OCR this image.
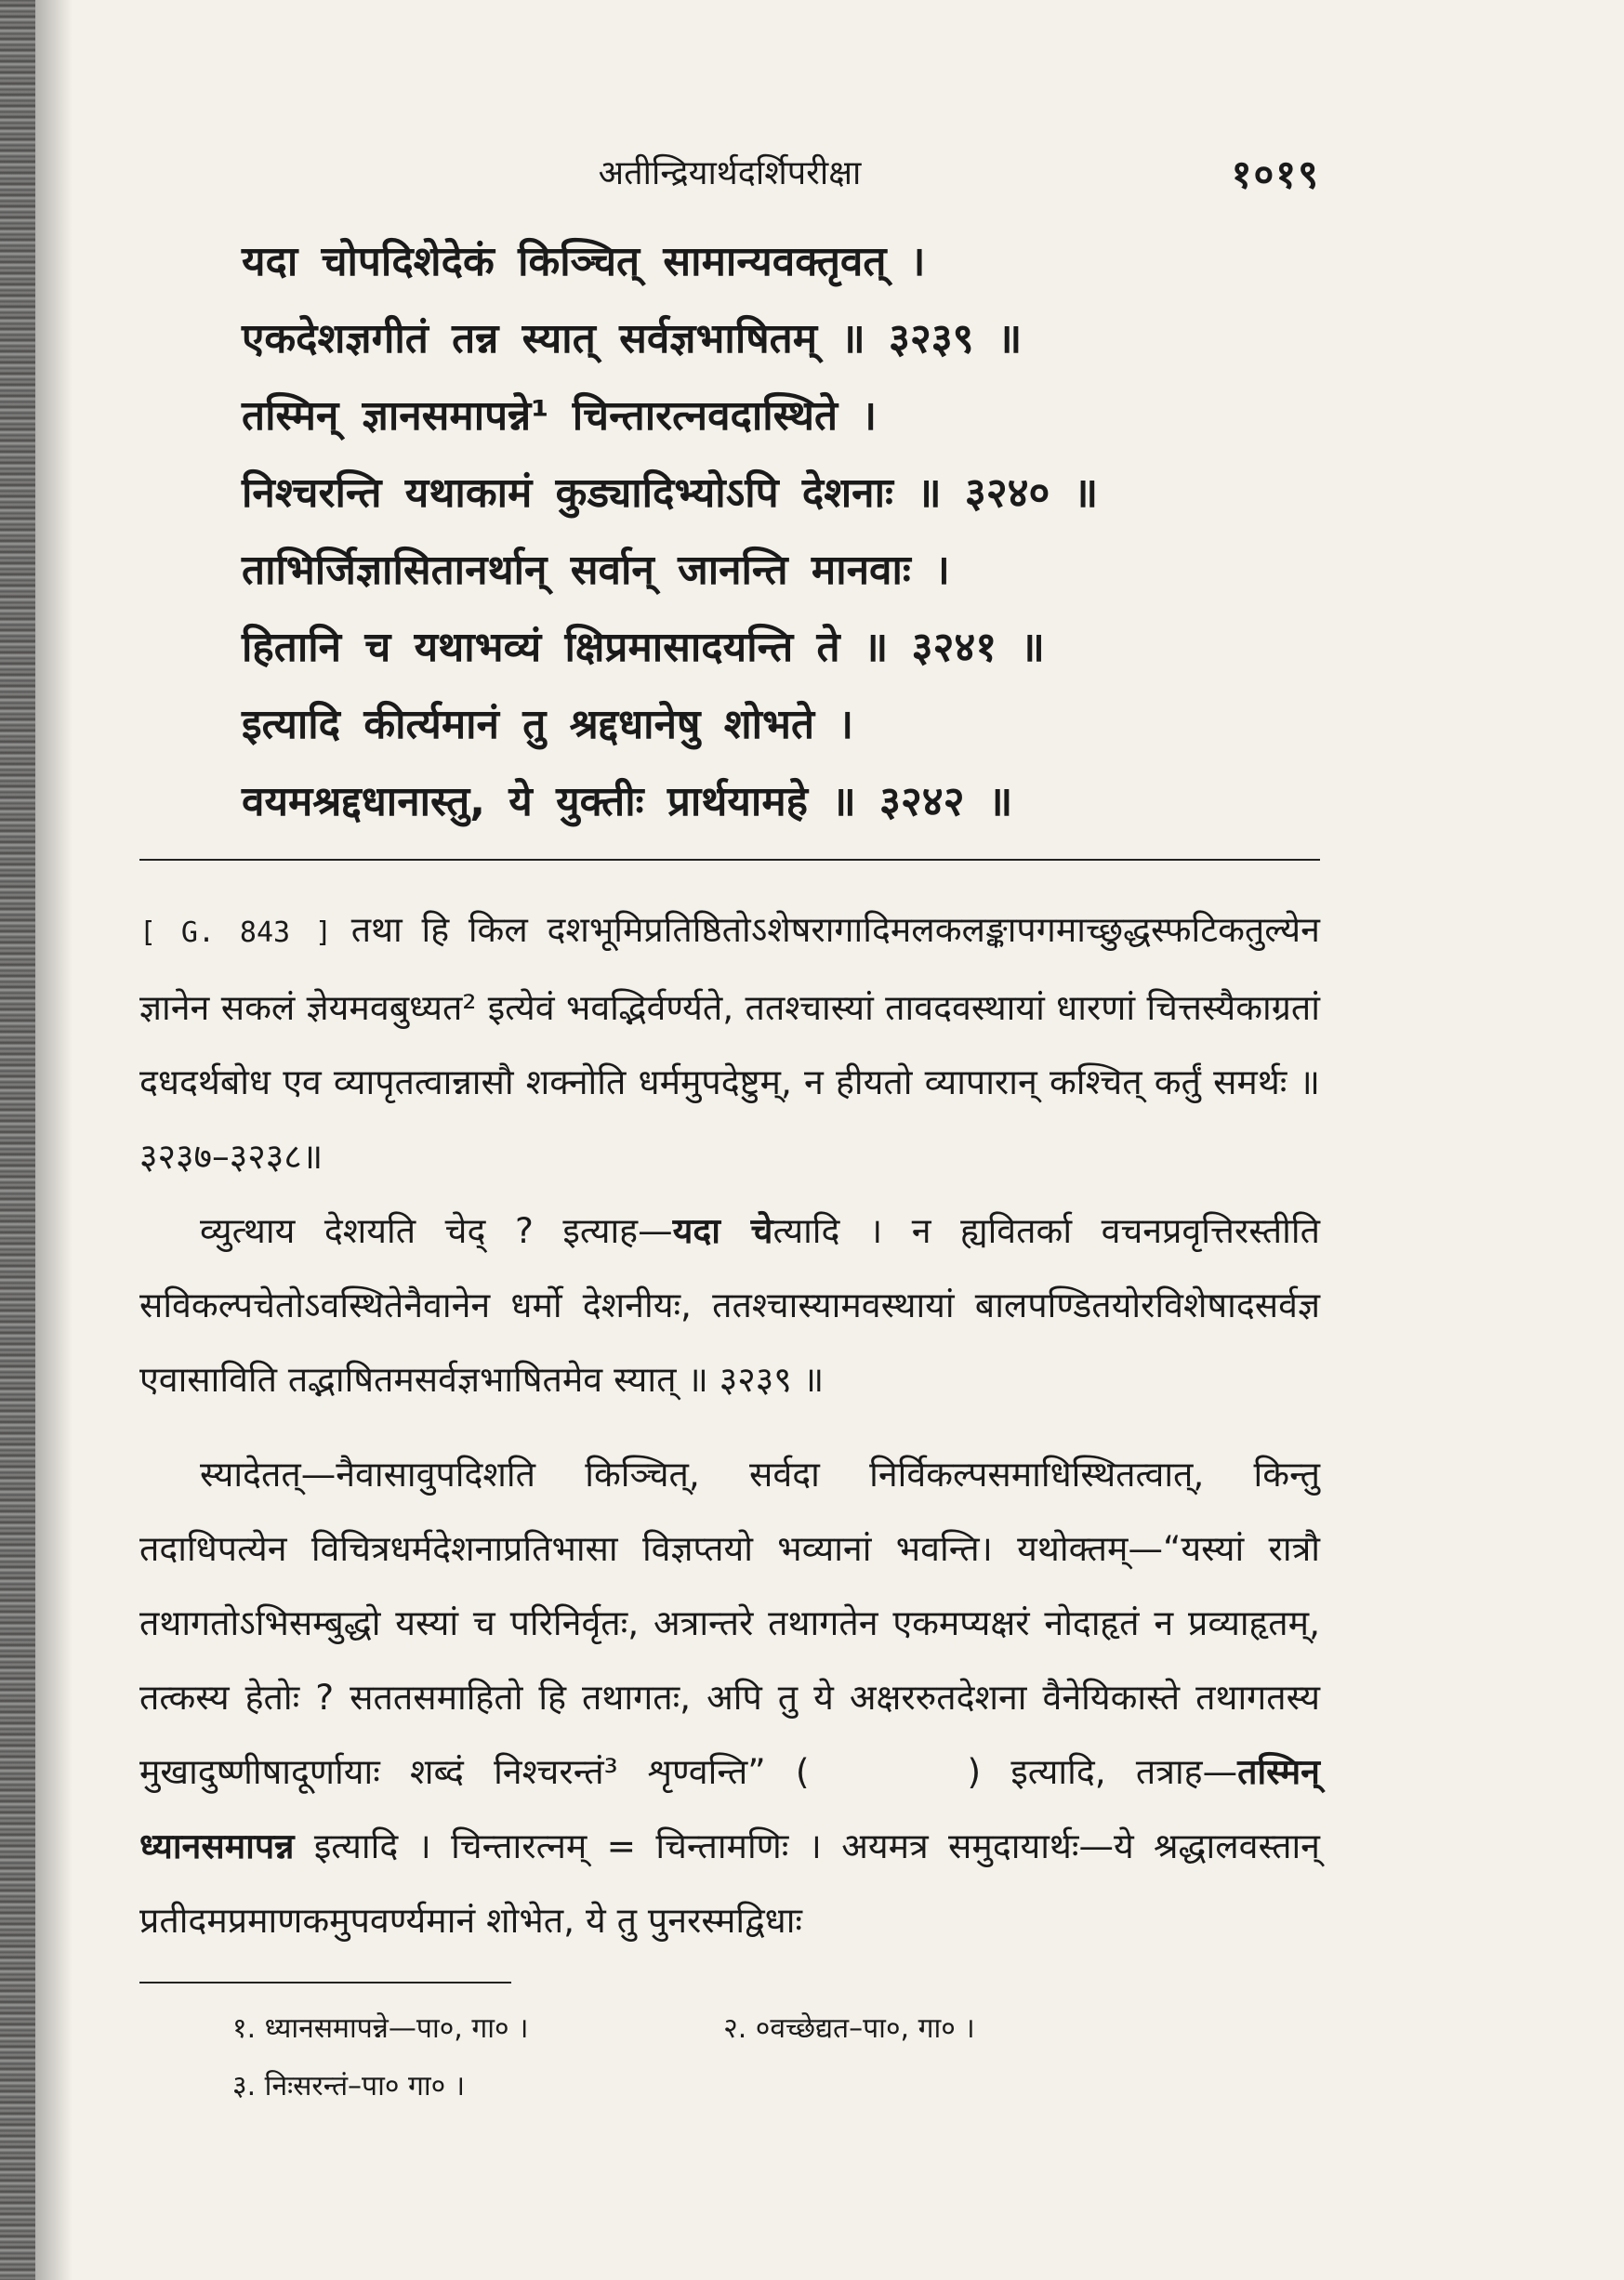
अतीन्द्रियार्थदर्शिपरीक्षा	१०१९
यदा चोपदिशेदेकं किञ्चित् सामान्यवक्तृवत् ।
एकदेशज्ञगीतं तन्न स्यात् सर्वज्ञभाषितम् ॥ ३२३९ ॥
तस्मिन् ज्ञानसमापन्ने¹ चिन्तारत्नवदास्थिते ।
निश्चरन्ति यथाकामं कुड्यादिभ्योऽपि देशनाः ॥ ३२४० ॥
ताभिर्जिज्ञासितानर्थान् सर्वान् जानन्ति मानवाः ।
हितानि च यथाभव्यं क्षिप्रमासादयन्ति ते ॥ ३२४१ ॥
इत्यादि कीर्त्यमानं तु श्रद्दधानेषु शोभते ।
वयमश्रद्दधानास्तु, ये युक्तीः प्रार्थयामहे ॥ ३२४२ ॥

[ G. 843 ] तथा हि किल दशभूमिप्रतिष्ठितोऽशेषरागादिमलकलङ्कापगमाच्छुद्धस्फटिकतुल्येन ज्ञानेन सकलं ज्ञेयमवबुध्यत² इत्येवं भवद्भिर्वर्ण्यते, ततश्चास्यां तावदवस्थायां धारणां चित्तस्यैकाग्रतां दधदर्थबोध एव व्यापृतत्वान्नासौ शक्नोति धर्ममुपदेष्टुम्, न हीयतो व्यापारान् कश्चित् कर्तुं समर्थः ॥३२३७–३२३८॥

व्युत्थाय देशयति चेद् ? इत्याह—यदा चेत्यादि । न ह्यवितर्का वचनप्रवृत्तिरस्तीति सविकल्पचेतोऽवस्थितेनैवानेन धर्मो देशनीयः, ततश्चास्यामवस्थायां बालपण्डितयोरविशेषादसर्वज्ञ एवासाविति तद्भाषितमसर्वज्ञभाषितमेव स्यात् ॥ ३२३९ ॥

स्यादेतत्—नैवासावुपदिशति किञ्चित्, सर्वदा निर्विकल्पसमाधिस्थितत्वात्, किन्तु तदाधिपत्येन विचित्रधर्मदेशनाप्रतिभासा विज्ञप्तयो भव्यानां भवन्ति। यथोक्तम्—“यस्यां रात्रौ तथागतोऽभिसम्बुद्धो यस्यां च परिनिर्वृतः, अत्रान्तरे तथागतेन एकमप्यक्षरं नोदाहृतं न प्रव्याहृतम्, तत्कस्य हेतोः ? सततसमाहितो हि तथागतः, अपि तु ये अक्षररुतदेशना वैनेयिकास्ते तथागतस्य मुखादुष्णीषादूर्णायाः शब्दं निश्चरन्तं³ शृण्वन्ति” (	) इत्यादि, तत्राह—तस्मिन् ध्यानसमापन्न इत्यादि । चिन्तारत्नम् = चिन्तामणिः । अयमत्र समुदायार्थः—ये श्रद्धालवस्तान् प्रतीदमप्रमाणकमुपवर्ण्यमानं शोभेत, ये तु पुनरस्मद्विधाः

१. ध्यानसमापन्ने—पा०, गा० ।	२. ०वच्छेद्यत–पा०, गा० ।
३. निःसरन्तं–पा० गा० ।
